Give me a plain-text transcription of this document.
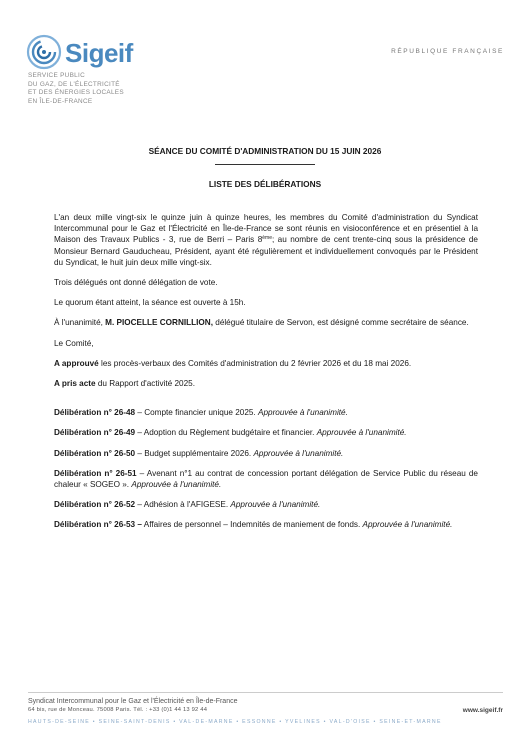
Sigeif
SERVICE PUBLIC
DU GAZ, DE L'ÉLECTRICITÉ
ET DES ÉNERGIES LOCALES
EN ÎLE-DE-FRANCE
RÉPUBLIQUE FRANÇAISE
SÉANCE DU COMITÉ D'ADMINISTRATION DU 15 JUIN 2026
LISTE DES DÉLIBÉRATIONS

L'an deux mille vingt-six le quinze juin à quinze heures, les membres du Comité d'administration du Syndicat Intercommunal pour le Gaz et l'Électricité en Île-de-France se sont réunis en visioconférence et en présentiel à la Maison des Travaux Publics - 3, rue de Berri – Paris 8ème; au nombre de cent trente-cinq sous la présidence de Monsieur Bernard Gauducheau, Président, ayant été régulièrement et individuellement convoqués par le Président du Syndicat, le huit juin deux mille vingt-six.

Trois délégués ont donné délégation de vote.

Le quorum étant atteint, la séance est ouverte à 15h.

À l'unanimité, M. PIOCELLE CORNILLION, délégué titulaire de Servon, est désigné comme secrétaire de séance.

Le Comité,

A approuvé les procès-verbaux des Comités d'administration du 2 février 2026 et du 18 mai 2026.

A pris acte du Rapport d'activité 2025.

Délibération n° 26-48 – Compte financier unique 2025. Approuvée à l'unanimité.

Délibération n° 26-49 – Adoption du Règlement budgétaire et financier. Approuvée à l'unanimité.

Délibération n° 26-50 – Budget supplémentaire 2026. Approuvée à l'unanimité.

Délibération n° 26-51 – Avenant n°1 au contrat de concession portant délégation de Service Public du réseau de chaleur « SOGEO ». Approuvée à l'unanimité.

Délibération n° 26-52 – Adhésion à l'AFIGESE. Approuvée à l'unanimité.

Délibération n° 26-53 – Affaires de personnel – Indemnités de maniement de fonds. Approuvée à l'unanimité.

Syndicat Intercommunal pour le Gaz et l'Électricité en Île-de-France
64 bis, rue de Monceau. 75008 Paris. Tél. : +33 (0)1 44 13 92 44	www.sigeif.fr
HAUTS-DE-SEINE • SEINE-SAINT-DENIS • VAL-DE-MARNE • ESSONNE • YVELINES • VAL-D'OISE • SEINE-ET-MARNE
